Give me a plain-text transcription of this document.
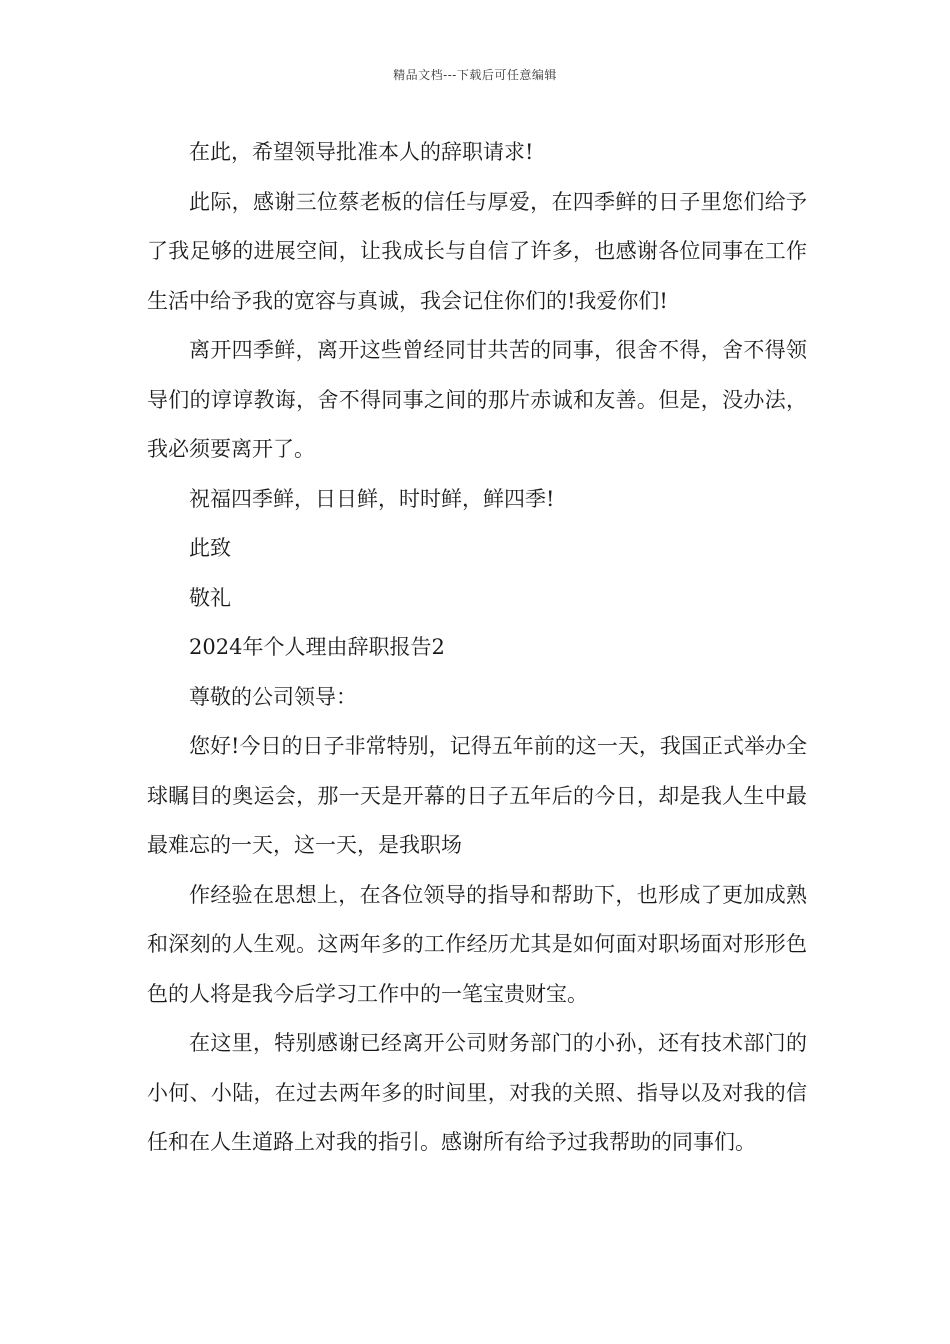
精品文档---下载后可任意编辑

在此，希望领导批准本人的辞职请求!

此际，感谢三位蔡老板的信任与厚爱，在四季鲜的日子里您们给予了我足够的进展空间，让我成长与自信了许多，也感谢各位同事在工作生活中给予我的宽容与真诚，我会记住你们的!我爱你们!

离开四季鲜，离开这些曾经同甘共苦的同事，很舍不得，舍不得领导们的谆谆教诲，舍不得同事之间的那片赤诚和友善。但是，没办法，我必须要离开了。

祝福四季鲜，日日鲜，时时鲜，鲜四季!

此致

敬礼

2024年个人理由辞职报告2

尊敬的公司领导：

您好!今日的日子非常特别，记得五年前的这一天，我国正式举办全球瞩目的奥运会，那一天是开幕的日子五年后的今日，却是我人生中最最难忘的一天，这一天，是我职场

作经验在思想上，在各位领导的指导和帮助下，也形成了更加成熟和深刻的人生观。这两年多的工作经历尤其是如何面对职场面对形形色色的人将是我今后学习工作中的一笔宝贵财宝。

在这里，特别感谢已经离开公司财务部门的小孙，还有技术部门的小何、小陆，在过去两年多的时间里，对我的关照、指导以及对我的信任和在人生道路上对我的指引。感谢所有给予过我帮助的同事们。
